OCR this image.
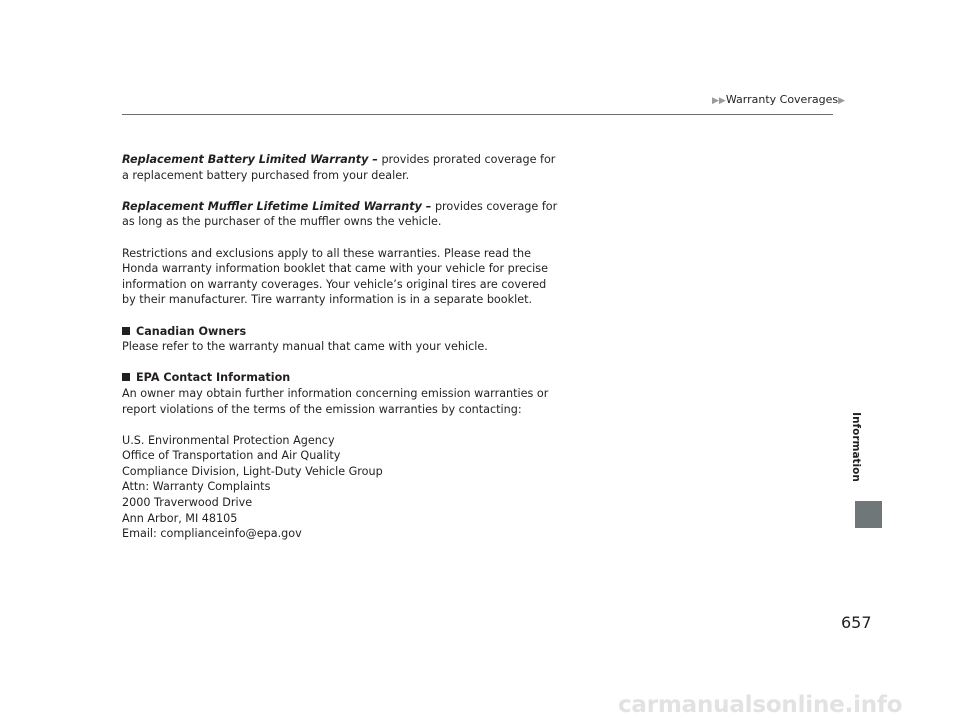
▶▶Warranty Coverages▶

Replacement Battery Limited Warranty – provides prorated coverage for a replacement battery purchased from your dealer.

Replacement Muffler Lifetime Limited Warranty – provides coverage for as long as the purchaser of the muffler owns the vehicle.

Restrictions and exclusions apply to all these warranties. Please read the Honda warranty information booklet that came with your vehicle for precise information on warranty coverages. Your vehicle’s original tires are covered by their manufacturer. Tire warranty information is in a separate booklet.

Canadian Owners

Please refer to the warranty manual that came with your vehicle.

EPA Contact Information

An owner may obtain further information concerning emission warranties or report violations of the terms of the emission warranties by contacting:

U.S. Environmental Protection Agency
Office of Transportation and Air Quality
Compliance Division, Light-Duty Vehicle Group
Attn: Warranty Complaints
2000 Traverwood Drive
Ann Arbor, MI 48105
Email: complianceinfo@epa.gov

Information
657
carmanualsonline.info
